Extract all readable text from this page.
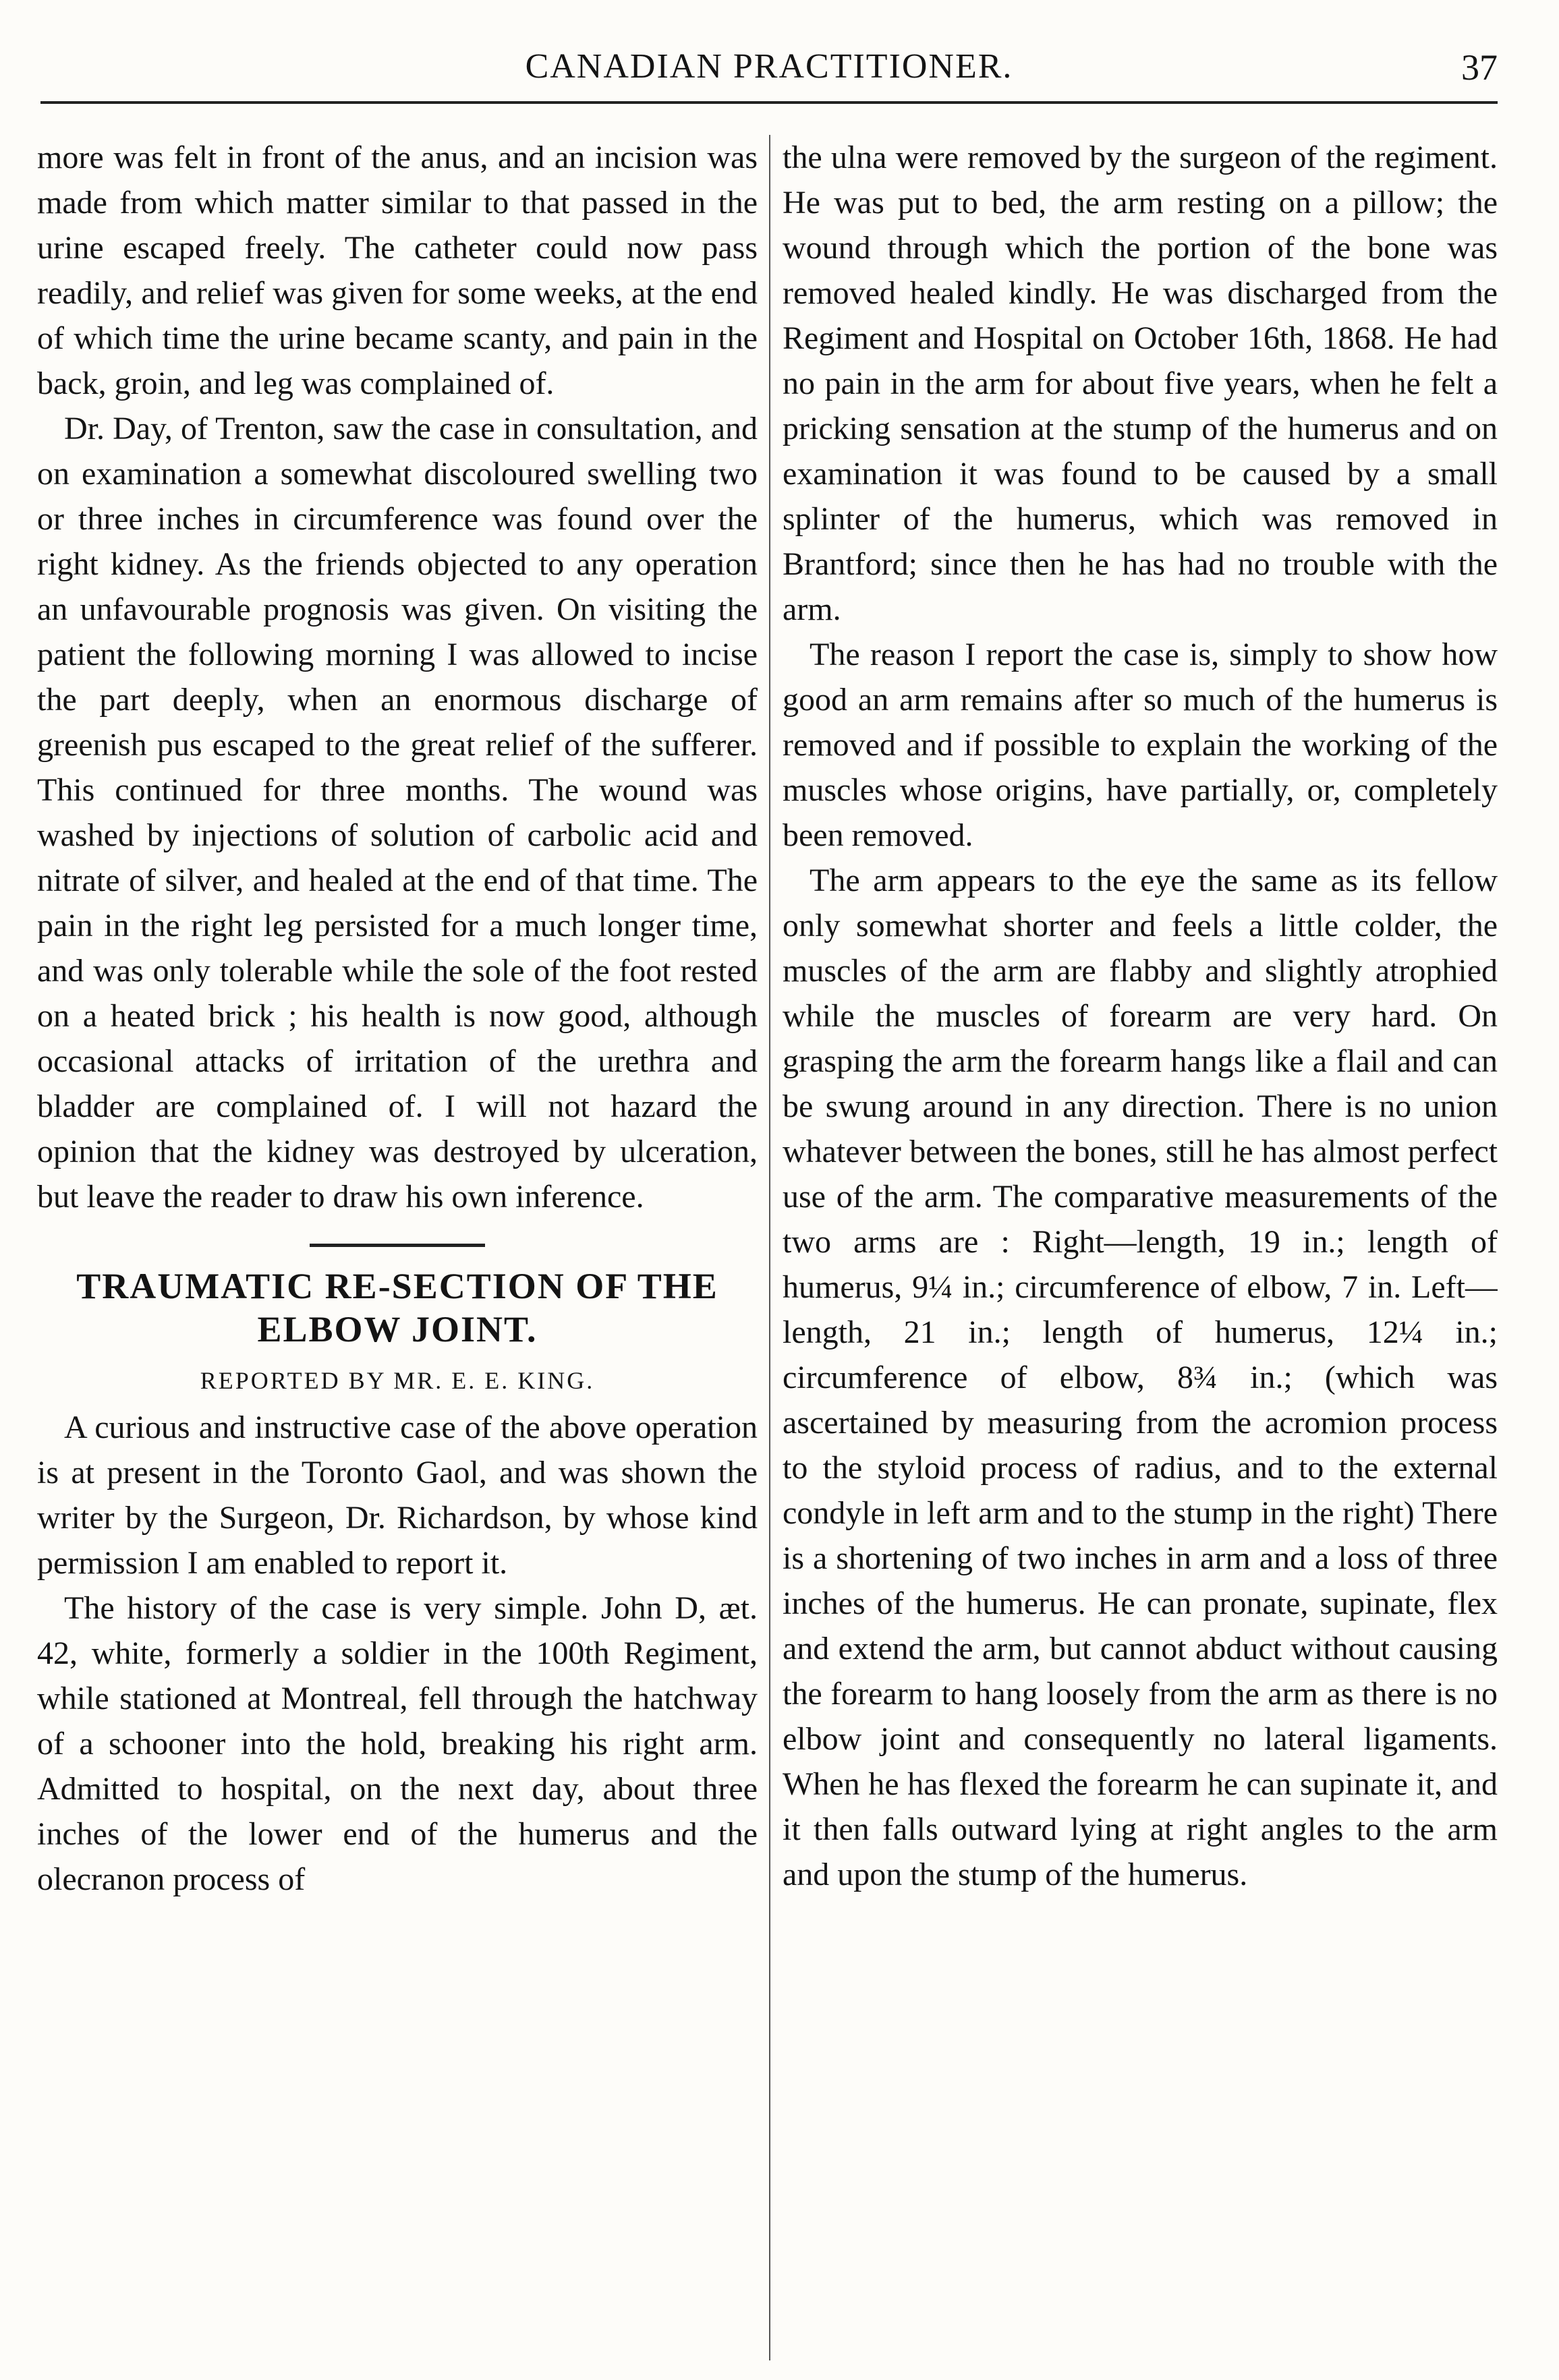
CANADIAN PRACTITIONER.	37

more was felt in front of the anus, and an incision was made from which matter similar to that passed in the urine escaped freely. The catheter could now pass readily, and relief was given for some weeks, at the end of which time the urine became scanty, and pain in the back, groin, and leg was complained of.

Dr. Day, of Trenton, saw the case in consultation, and on examination a somewhat discoloured swelling two or three inches in circumference was found over the right kidney. As the friends objected to any operation an unfavourable prognosis was given. On visiting the patient the following morning I was allowed to incise the part deeply, when an enormous discharge of greenish pus escaped to the great relief of the sufferer. This continued for three months. The wound was washed by injections of solution of carbolic acid and nitrate of silver, and healed at the end of that time. The pain in the right leg persisted for a much longer time, and was only tolerable while the sole of the foot rested on a heated brick ; his health is now good, although occasional attacks of irritation of the urethra and bladder are complained of. I will not hazard the opinion that the kidney was destroyed by ulceration, but leave the reader to draw his own inference.

TRAUMATIC RE-SECTION OF THE
ELBOW JOINT.
REPORTED BY MR. E. E. KING.

A curious and instructive case of the above operation is at present in the Toronto Gaol, and was shown the writer by the Surgeon, Dr. Richardson, by whose kind permission I am enabled to report it.

The history of the case is very simple. John D, æt. 42, white, formerly a soldier in the 100th Regiment, while stationed at Montreal, fell through the hatchway of a schooner into the hold, breaking his right arm. Admitted to hospital, on the next day, about three inches of the lower end of the humerus and the olecranon process of

the ulna were removed by the surgeon of the regiment. He was put to bed, the arm resting on a pillow; the wound through which the portion of the bone was removed healed kindly. He was discharged from the Regiment and Hospital on October 16th, 1868. He had no pain in the arm for about five years, when he felt a pricking sensation at the stump of the humerus and on examination it was found to be caused by a small splinter of the humerus, which was removed in Brantford; since then he has had no trouble with the arm.

The reason I report the case is, simply to show how good an arm remains after so much of the humerus is removed and if possible to explain the working of the muscles whose origins, have partially, or, completely been removed.

The arm appears to the eye the same as its fellow only somewhat shorter and feels a little colder, the muscles of the arm are flabby and slightly atrophied while the muscles of forearm are very hard. On grasping the arm the forearm hangs like a flail and can be swung around in any direction. There is no union whatever between the bones, still he has almost perfect use of the arm. The comparative measurements of the two arms are : Right—length, 19 in.; length of humerus, 9¼ in.; circumference of elbow, 7 in. Left—length, 21 in.; length of humerus, 12¼ in.; circumference of elbow, 8¾ in.; (which was ascertained by measuring from the acromion process to the styloid process of radius, and to the external condyle in left arm and to the stump in the right) There is a shortening of two inches in arm and a loss of three inches of the humerus. He can pronate, supinate, flex and extend the arm, but cannot abduct without causing the forearm to hang loosely from the arm as there is no elbow joint and consequently no lateral ligaments. When he has flexed the forearm he can supinate it, and it then falls outward lying at right angles to the arm and upon the stump of the humerus.
